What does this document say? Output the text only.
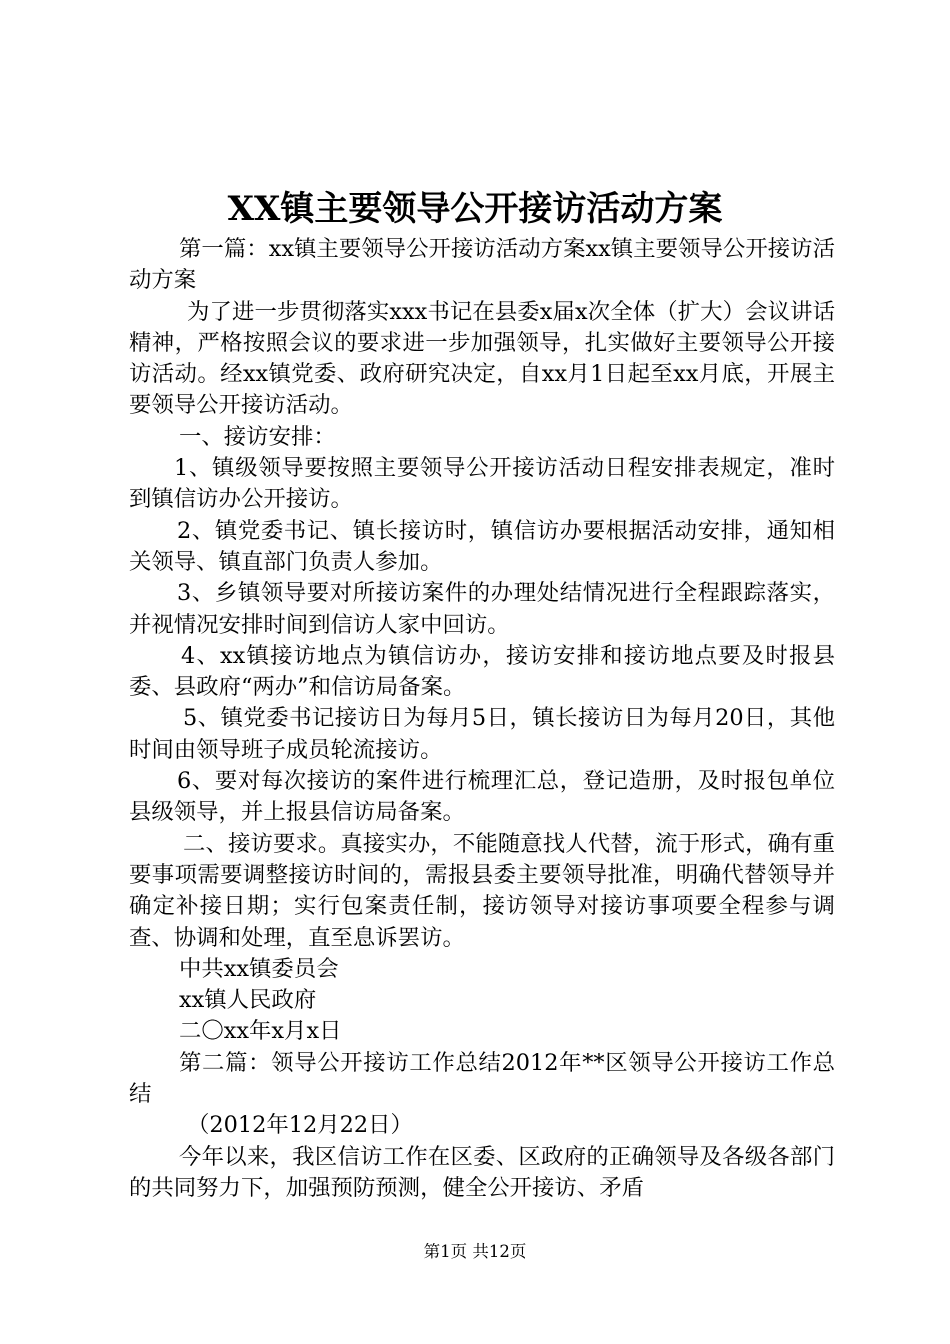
XX镇主要领导公开接访活动方案

第一篇：xx镇主要领导公开接访活动方案xx镇主要领导公开接访活动方案

为了进一步贯彻落实xxx书记在县委x届x次全体（扩大）会议讲话精神，严格按照会议的要求进一步加强领导，扎实做好主要领导公开接访活动。经xx镇党委、政府研究决定，自xx月1日起至xx月底，开展主要领导公开接访活动。

一、接访安排：

1、镇级领导要按照主要领导公开接访活动日程安排表规定，准时到镇信访办公开接访。

2、镇党委书记、镇长接访时，镇信访办要根据活动安排，通知相关领导、镇直部门负责人参加。

3、乡镇领导要对所接访案件的办理处结情况进行全程跟踪落实，并视情况安排时间到信访人家中回访。

4、xx镇接访地点为镇信访办，接访安排和接访地点要及时报县委、县政府“两办”和信访局备案。

5、镇党委书记接访日为每月5日，镇长接访日为每月20日，其他时间由领导班子成员轮流接访。

6、要对每次接访的案件进行梳理汇总，登记造册，及时报包单位县级领导，并上报县信访局备案。

二、接访要求。真接实办，不能随意找人代替，流于形式，确有重要事项需要调整接访时间的，需报县委主要领导批准，明确代替领导并确定补接日期；实行包案责任制，接访领导对接访事项要全程参与调查、协调和处理，直至息诉罢访。

中共xx镇委员会

xx镇人民政府

二〇xx年x月x日

第二篇：领导公开接访工作总结2012年**区领导公开接访工作总结

（2012年12月22日）

今年以来，我区信访工作在区委、区政府的正确领导及各级各部门的共同努力下，加强预防预测，健全公开接访、矛盾

第1页 共12页
